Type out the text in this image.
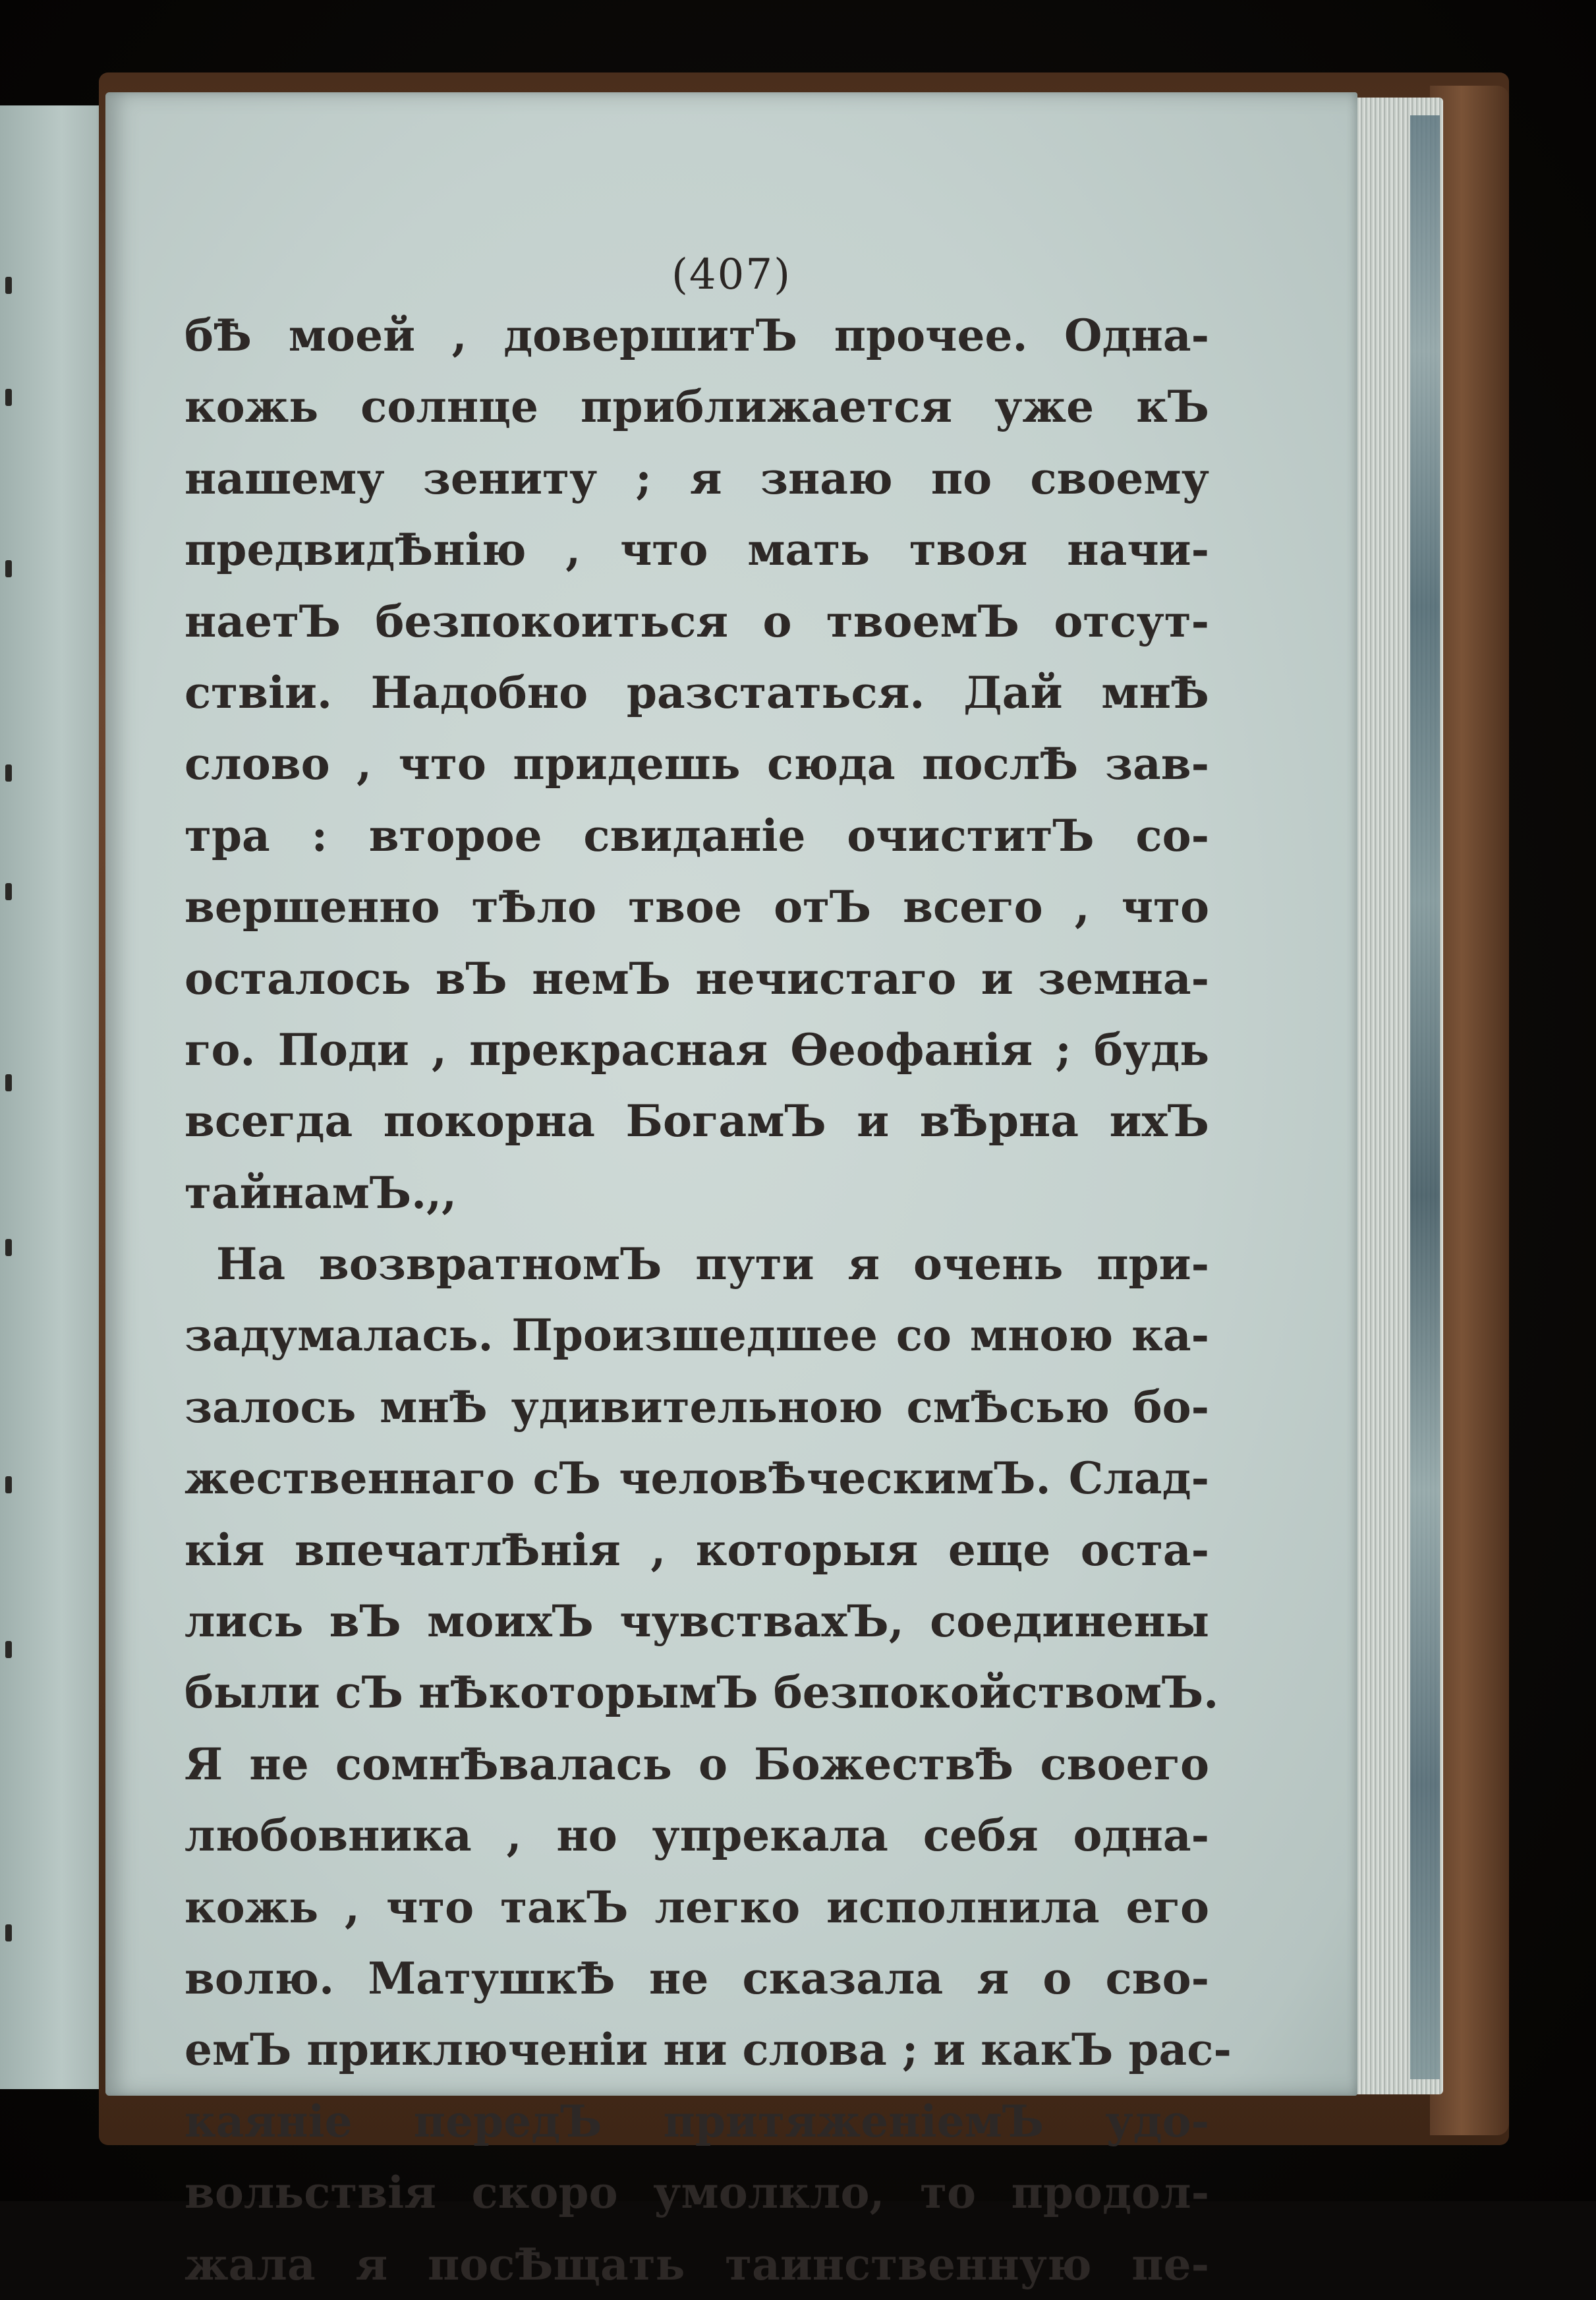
(407)
бѢ моей , довершитЪ прочее. Одна-
кожь солнце приближается уже кЪ
нашему зениту ; я знаю по своему
предвидѢнію , что мать твоя начи-
наетЪ безпокоиться о твоемЪ отсут-
ствіи. Надобно разстаться. Дай мнѢ
слово , что придешь сюда послѢ зав-
тра : второе свиданіе очиститЪ со-
вершенно тѢло твое отЪ всего , что
осталось вЪ немЪ нечистаго и земна-
го. Поди , прекрасная Ѳеофанія ; будь
всегда покорна БогамЪ и вѢрна ихЪ
тайнамЪ.,,
На возвратномЪ пути я очень при-
задумалась. Произшедшее со мною ка-
залось мнѢ удивительною смѢсью бо-
жественнаго сЪ человѢческимЪ. Слад-
кія впечатлѢнія , которыя еще оста-
лись вЪ моихЪ чувствахЪ, соединены
были сЪ нѢкоторымЪ безпокойствомЪ.
Я не сомнѢвалась о БожествѢ своего
любовника , но упрекала себя одна-
кожь , что такЪ легко исполнила его
волю. МатушкѢ не сказала я о сво-
емЪ приключеніи ни слова ; и какЪ рас-
каяніе передЪ притяженіемЪ удо-
вольствія скоро умолкло, то продол-
жала я посѢщать таинственную пе-
